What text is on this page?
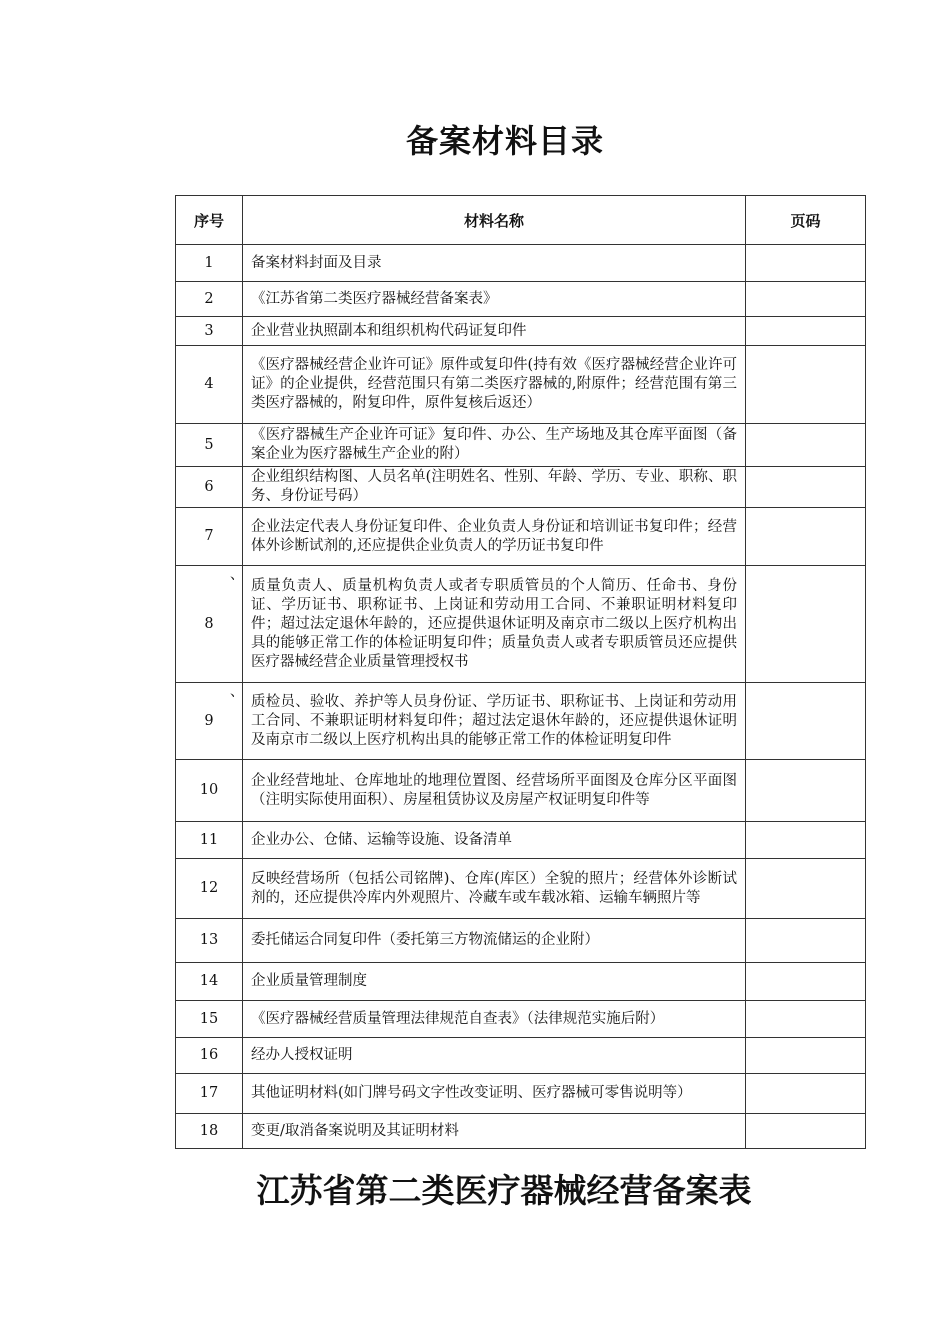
备案材料目录
序号	材料名称	页码
1	备案材料封面及目录	
2	《江苏省第二类医疗器械经营备案表》	
3	企业营业执照副本和组织机构代码证复印件	
4	《医疗器械经营企业许可证》原件或复印件(持有效《医疗器械经营企业许可证》的企业提供，经营范围只有第二类医疗器械的,附原件；经营范围有第三类医疗器械的，附复印件，原件复核后返还）	
5	《医疗器械生产企业许可证》复印件、办公、生产场地及其仓库平面图（备案企业为医疗器械生产企业的附）	
6	企业组织结构图、人员名单(注明姓名、性别、年龄、学历、专业、职称、职务、身份证号码）	
7	企业法定代表人身份证复印件、企业负责人身份证和培训证书复印件；经营体外诊断试剂的,还应提供企业负责人的学历证书复印件	
、 8	质量负责人、质量机构负责人或者专职质管员的个人简历、任命书、身份证、学历证书、职称证书、上岗证和劳动用工合同、不兼职证明材料复印件；超过法定退休年龄的，还应提供退休证明及南京市二级以上医疗机构出具的能够正常工作的体检证明复印件；质量负责人或者专职质管员还应提供医疗器械经营企业质量管理授权书	
、 9	质检员、验收、养护等人员身份证、学历证书、职称证书、上岗证和劳动用工合同、不兼职证明材料复印件；超过法定退休年龄的，还应提供退休证明及南京市二级以上医疗机构出具的能够正常工作的体检证明复印件	
10	企业经营地址、仓库地址的地理位置图、经营场所平面图及仓库分区平面图（注明实际使用面积）、房屋租赁协议及房屋产权证明复印件等	
11	企业办公、仓储、运输等设施、设备清单	
12	反映经营场所（包括公司铭牌)、仓库(库区）全貌的照片；经营体外诊断试剂的，还应提供冷库内外观照片、冷藏车或车载冰箱、运输车辆照片等	
13	委托储运合同复印件（委托第三方物流储运的企业附）	
14	企业质量管理制度	
15	《医疗器械经营质量管理法律规范自查表》（法律规范实施后附）	
16	经办人授权证明	
17	其他证明材料(如门牌号码文字性改变证明、医疗器械可零售说明等）	
18	变更/取消备案说明及其证明材料	
江苏省第二类医疗器械经营备案表
